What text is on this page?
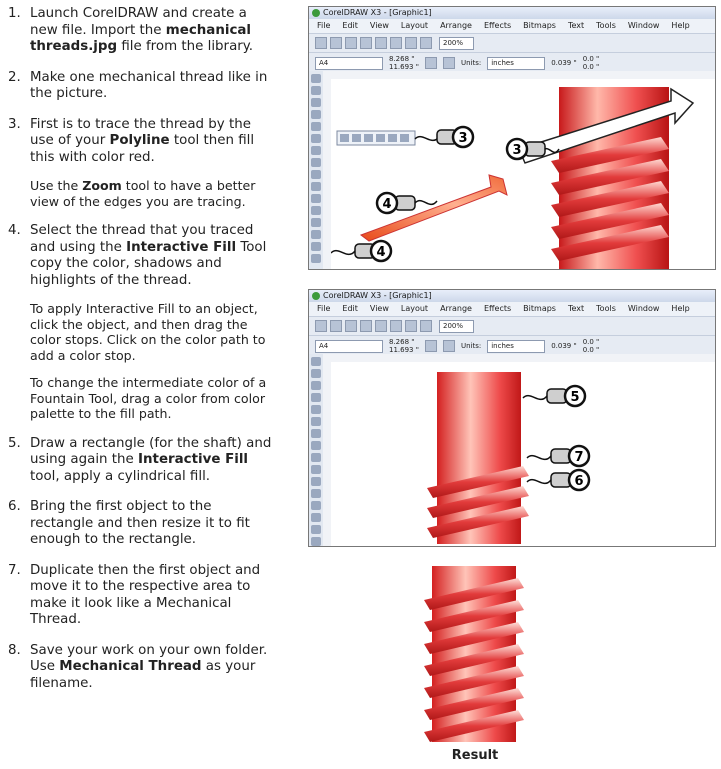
1. Launch CorelDRAW and create a new file. Import the mechanical threads.jpg file from the library.
2. Make one mechanical thread like in the picture.
3. First is to trace the thread by the use of your Polyline tool then fill this with color red.
Use the Zoom tool to have a better view of the edges you are tracing.
4. Select the thread that you traced and using the Interactive Fill Tool copy the color, shadows and highlights of the thread.
To apply Interactive Fill to an object, click the object, and then drag the color stops. Click on the color path to add a color stop.
To change the intermediate color of a Fountain Tool, drag a color from color palette to the fill path.
5. Draw a rectangle (for the shaft) and using again the Interactive Fill tool, apply a cylindrical fill.
6. Bring the first object to the rectangle and then resize it to fit enough to the rectangle.
7. Duplicate then the first object and move it to the respective area to make it look like a Mechanical Thread.
8. Save your work on your own folder. Use Mechanical Thread as your filename.
CorelDRAW X3 - [Graphic1]
File Edit View Layout Arrange Effects Bitmaps Text Tools Window Help
200%
A4	8.268 "
11.693 "	Units:	inches	0.039 " 0.0 "
0.0 "
3
3
4
4
CorelDRAW X3 - [Graphic1]
File Edit View Layout Arrange Effects Bitmaps Text Tools Window Help
200%
A4	8.268 "
11.693 "	Units:	inches	0.039 " 0.0 "
0.0 "
5
7
6
Result
